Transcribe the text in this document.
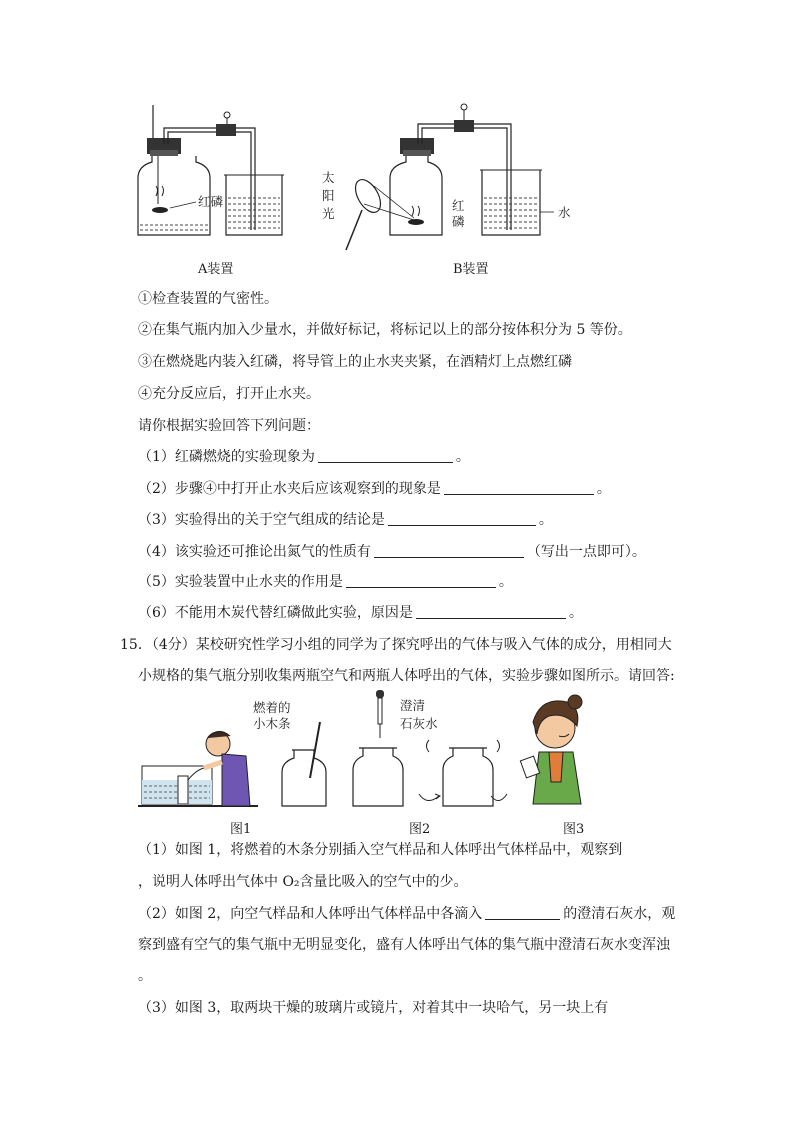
红磷
A装置
太
阳
光
红
磷
水
B装置
①检查装置的气密性。
②在集气瓶内加入少量水，并做好标记，将标记以上的部分按体积分为 5 等份。
③在燃烧匙内装入红磷，将导管上的止水夹夹紧，在酒精灯上点燃红磷
④充分反应后，打开止水夹。
请你根据实验回答下列问题：
（1）红磷燃烧的实验现象为	。
（2）步骤④中打开止水夹后应该观察到的现象是	。
（3）实验得出的关于空气组成的结论是	。
（4）该实验还可推论出氮气的性质有	（写出一点即可）。
（5）实验装置中止水夹的作用是	。
（6）不能用木炭代替红磷做此实验，原因是	。
15．（4分）某校研究性学习小组的同学为了探究呼出的气体与吸入气体的成分，用相同大
小规格的集气瓶分别收集两瓶空气和两瓶人体呼出的气体，实验步骤如图所示。请回答:
燃着的
小木条
澄清
石灰水
图1	图2	图3
（1）如图 1，将燃着的木条分别插入空气样品和人体呼出气体样品中，观察到
，说明人体呼出气体中 O₂含量比吸入的空气中的少。
（2）如图 2，向空气样品和人体呼出气体样品中各滴入	的澄清石灰水，观
察到盛有空气的集气瓶中无明显变化，盛有人体呼出气体的集气瓶中澄清石灰水变浑浊
。
（3）如图 3，取两块干燥的玻璃片或镜片，对着其中一块哈气，另一块上有
